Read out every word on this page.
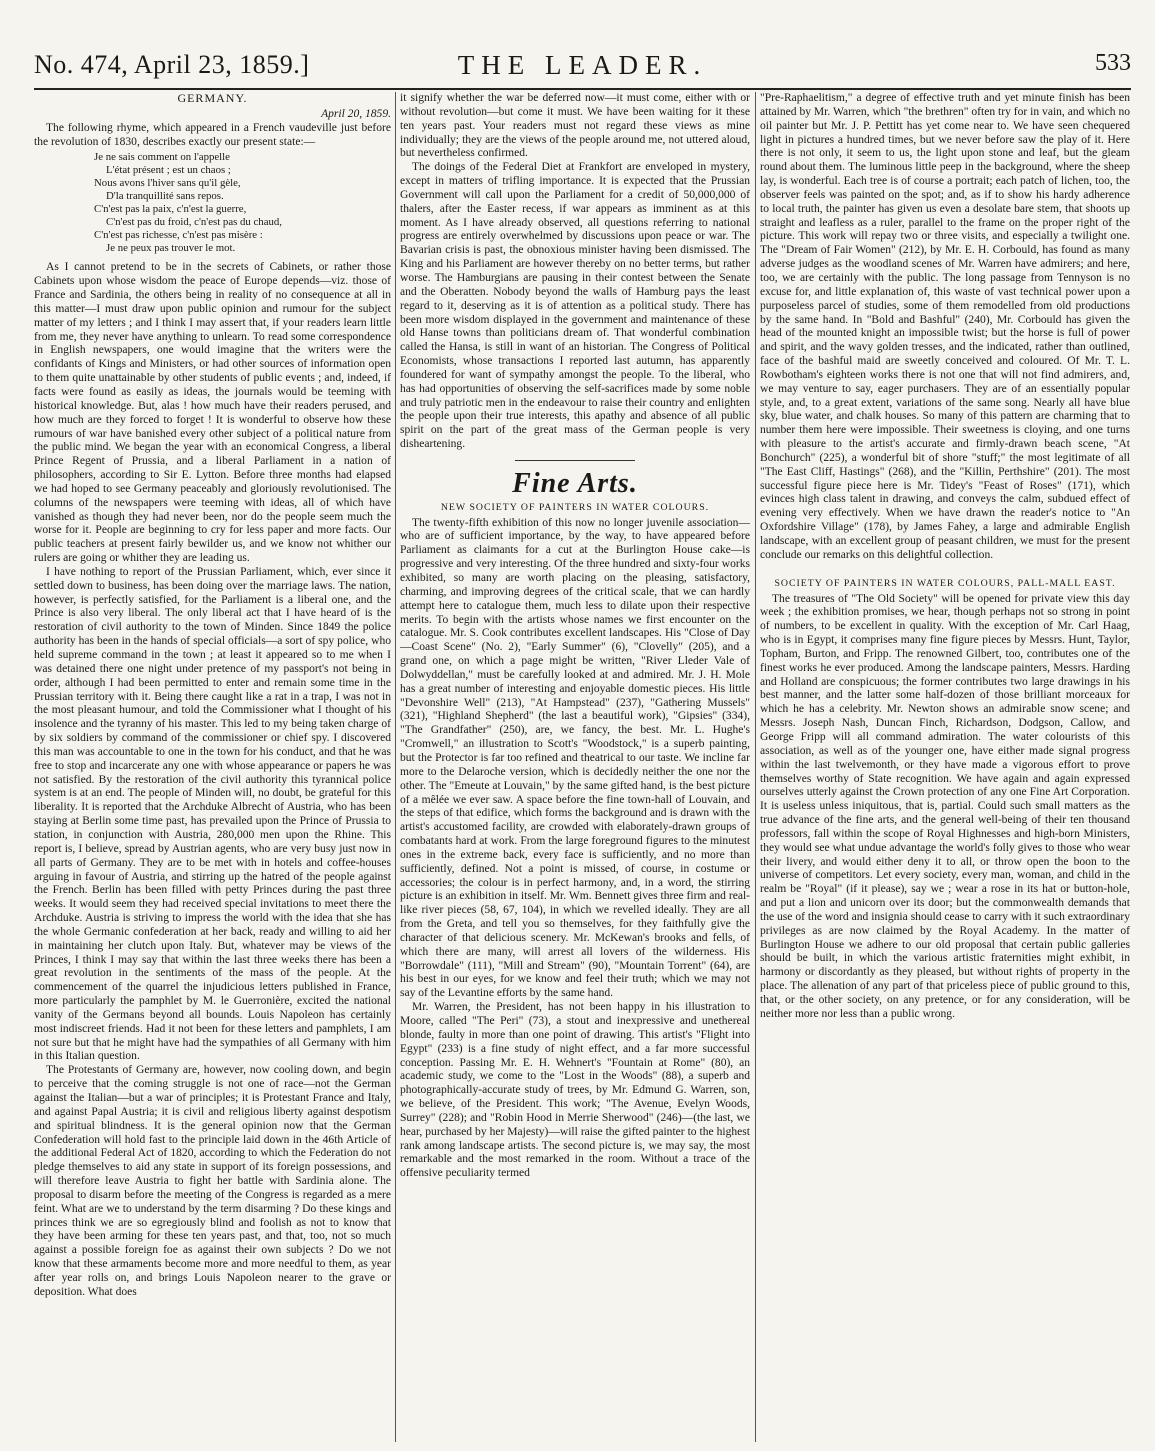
No. 474, April 23, 1859.]	THE LEADER.	533
GERMANY.

April 20, 1859.

The following rhyme, which appeared in a French vaudeville just before the revolution of 1830, describes exactly our present state:—

Je ne sais comment on l'appelle
L'état présent ; est un chaos ;
Nous avons l'hiver sans qu'il gèle,
D'la tranquillité sans repos.
C'n'est pas la paix, c'n'est la guerre,
C'n'est pas du froid, c'n'est pas du chaud,
C'n'est pas richesse, c'n'est pas misère :
Je ne peux pas trouver le mot.

As I cannot pretend to be in the secrets of Cabinets, or rather those Cabinets upon whose wisdom the peace of Europe depends—viz. those of France and Sardinia, the others being in reality of no consequence at all in this matter—I must draw upon public opinion and rumour for the subject matter of my letters ; and I think I may assert that, if your readers learn little from me, they never have anything to unlearn. To read some correspondence in English newspapers, one would imagine that the writers were the confidants of Kings and Ministers, or had other sources of information open to them quite unattainable by other students of public events ; and, indeed, if facts were found as easily as ideas, the journals would be teeming with historical knowledge. But, alas ! how much have their readers perused, and how much are they forced to forget ! It is wonderful to observe how these rumours of war have banished every other subject of a political nature from the public mind. We began the year with an economical Congress, a liberal Prince Regent of Prussia, and a liberal Parliament in a nation of philosophers, according to Sir E. Lytton. Before three months had elapsed we had hoped to see Germany peaceably and gloriously revolutionised. The columns of the newspapers were teeming with ideas, all of which have vanished as though they had never been, nor do the people seem much the worse for it. People are beginning to cry for less paper and more facts. Our public teachers at present fairly bewilder us, and we know not whither our rulers are going or whither they are leading us.

I have nothing to report of the Prussian Parliament, which, ever since it settled down to business, has been doing over the marriage laws. The nation, however, is perfectly satisfied, for the Parliament is a liberal one, and the Prince is also very liberal. The only liberal act that I have heard of is the restoration of civil authority to the town of Minden. Since 1849 the police authority has been in the hands of special officials—a sort of spy police, who held supreme command in the town ; at least it appeared so to me when I was detained there one night under pretence of my passport's not being in order, although I had been permitted to enter and remain some time in the Prussian territory with it. Being there caught like a rat in a trap, I was not in the most pleasant humour, and told the Commissioner what I thought of his insolence and the tyranny of his master. This led to my being taken charge of by six soldiers by command of the commissioner or chief spy. I discovered this man was accountable to one in the town for his conduct, and that he was free to stop and incarcerate any one with whose appearance or papers he was not satisfied. By the restoration of the civil authority this tyrannical police system is at an end. The people of Minden will, no doubt, be grateful for this liberality. It is reported that the Archduke Albrecht of Austria, who has been staying at Berlin some time past, has prevailed upon the Prince of Prussia to station, in conjunction with Austria, 280,000 men upon the Rhine. This report is, I believe, spread by Austrian agents, who are very busy just now in all parts of Germany. They are to be met with in hotels and coffee-houses arguing in favour of Austria, and stirring up the hatred of the people against the French. Berlin has been filled with petty Princes during the past three weeks. It would seem they had received special invitations to meet there the Archduke. Austria is striving to impress the world with the idea that she has the whole Germanic confederation at her back, ready and willing to aid her in maintaining her clutch upon Italy. But, whatever may be views of the Princes, I think I may say that within the last three weeks there has been a great revolution in the sentiments of the mass of the people. At the commencement of the quarrel the injudicious letters published in France, more particularly the pamphlet by M. le Guerronière, excited the national vanity of the Germans beyond all bounds. Louis Napoleon has certainly most indiscreet friends. Had it not been for these letters and pamphlets, I am not sure but that he might have had the sympathies of all Germany with him in this Italian question.

The Protestants of Germany are, however, now cooling down, and begin to perceive that the coming struggle is not one of race—not the German against the Italian—but a war of principles; it is Protestant France and Italy, and against Papal Austria; it is civil and religious liberty against despotism and spiritual blindness. It is the general opinion now that the German Confederation will hold fast to the principle laid down in the 46th Article of the additional Federal Act of 1820, according to which the Federation do not pledge themselves to aid any state in support of its foreign possessions, and will therefore leave Austria to fight her battle with Sardinia alone. The proposal to disarm before the meeting of the Congress is regarded as a mere feint. What are we to understand by the term disarming ? Do these kings and princes think we are so egregiously blind and foolish as not to know that they have been arming for these ten years past, and that, too, not so much against a possible foreign foe as against their own subjects ? Do we not know that these armaments become more and more needful to them, as year after year rolls on, and brings Louis Napoleon nearer to the grave or deposition. What does

it signify whether the war be deferred now—it must come, either with or without revolution—but come it must. We have been waiting for it these ten years past. Your readers must not regard these views as mine individually; they are the views of the people around me, not uttered aloud, but nevertheless confirmed.

The doings of the Federal Diet at Frankfort are enveloped in mystery, except in matters of trifling importance. It is expected that the Prussian Government will call upon the Parliament for a credit of 50,000,000 of thalers, after the Easter recess, if war appears as imminent as at this moment. As I have already observed, all questions referring to national progress are entirely overwhelmed by discussions upon peace or war. The Bavarian crisis is past, the obnoxious minister having been dismissed. The King and his Parliament are however thereby on no better terms, but rather worse. The Hamburgians are pausing in their contest between the Senate and the Oberatten. Nobody beyond the walls of Hamburg pays the least regard to it, deserving as it is of attention as a political study. There has been more wisdom displayed in the government and maintenance of these old Hanse towns than politicians dream of. That wonderful combination called the Hansa, is still in want of an historian. The Congress of Political Economists, whose transactions I reported last autumn, has apparently foundered for want of sympathy amongst the people. To the liberal, who has had opportunities of observing the self-sacrifices made by some noble and truly patriotic men in the endeavour to raise their country and enlighten the people upon their true interests, this apathy and absence of all public spirit on the part of the great mass of the German people is very disheartening.

Fine Arts.
NEW SOCIETY OF PAINTERS IN WATER COLOURS.

The twenty-fifth exhibition of this now no longer juvenile association—who are of sufficient importance, by the way, to have appeared before Parliament as claimants for a cut at the Burlington House cake—is progressive and very interesting. Of the three hundred and sixty-four works exhibited, so many are worth placing on the pleasing, satisfactory, charming, and improving degrees of the critical scale, that we can hardly attempt here to catalogue them, much less to dilate upon their respective merits. To begin with the artists whose names we first encounter on the catalogue. Mr. S. Cook contributes excellent landscapes. His "Close of Day—Coast Scene" (No. 2), "Early Summer" (6), "Clovelly" (205), and a grand one, on which a page might be written, "River Lleder Vale of Dolwyddellan," must be carefully looked at and admired. Mr. J. H. Mole has a great number of interesting and enjoyable domestic pieces. His little "Devonshire Well" (213), "At Hampstead" (237), "Gathering Mussels" (321), "Highland Shepherd" (the last a beautiful work), "Gipsies" (334), "The Grandfather" (250), are, we fancy, the best. Mr. L. Hughe's "Cromwell," an illustration to Scott's "Woodstock," is a superb painting, but the Protector is far too refined and theatrical to our taste. We incline far more to the Delaroche version, which is decidedly neither the one nor the other. The "Emeute at Louvain," by the same gifted hand, is the best picture of a mêlée we ever saw. A space before the fine town-hall of Louvain, and the steps of that edifice, which forms the background and is drawn with the artist's accustomed facility, are crowded with elaborately-drawn groups of combatants hard at work. From the large foreground figures to the minutest ones in the extreme back, every face is sufficiently, and no more than sufficiently, defined. Not a point is missed, of course, in costume or accessories; the colour is in perfect harmony, and, in a word, the stirring picture is an exhibition in itself. Mr. Wm. Bennett gives three firm and real-like river pieces (58, 67, 104), in which we revelled ideally. They are all from the Greta, and tell you so themselves, for they faithfully give the character of that delicious scenery. Mr. McKewan's brooks and fells, of which there are many, will arrest all lovers of the wilderness. His "Borrowdale" (111), "Mill and Stream" (90), "Mountain Torrent" (64), are his best in our eyes, for we know and feel their truth; which we may not say of the Levantine efforts by the same hand.

Mr. Warren, the President, has not been happy in his illustration to Moore, called "The Peri" (73), a stout and inexpressive and unethereal blonde, faulty in more than one point of drawing. This artist's "Flight into Egypt" (233) is a fine study of night effect, and a far more successful conception. Passing Mr. E. H. Wehnert's "Fountain at Rome" (80), an academic study, we come to the "Lost in the Woods" (88), a superb and photographically-accurate study of trees, by Mr. Edmund G. Warren, son, we believe, of the President. This work; "The Avenue, Evelyn Woods, Surrey" (228); and "Robin Hood in Merrie Sherwood" (246)—(the last, we hear, purchased by her Majesty)—will raise the gifted painter to the highest rank among landscape artists. The second picture is, we may say, the most remarkable and the most remarked in the room. Without a trace of the offensive peculiarity termed

"Pre-Raphaelitism," a degree of effective truth and yet minute finish has been attained by Mr. Warren, which "the brethren" often try for in vain, and which no oil painter but Mr. J. P. Pettitt has yet come near to. We have seen chequered light in pictures a hundred times, but we never before saw the play of it. Here there is not only, it seem to us, the light upon stone and leaf, but the gleam round about them. The luminous little peep in the background, where the sheep lay, is wonderful. Each tree is of course a portrait; each patch of lichen, too, the observer feels was painted on the spot; and, as if to show his hardy adherence to local truth, the painter has given us even a desolate bare stem, that shoots up straight and leafless as a ruler, parallel to the frame on the proper right of the picture. This work will repay two or three visits, and especially a twilight one. The "Dream of Fair Women" (212), by Mr. E. H. Corbould, has found as many adverse judges as the woodland scenes of Mr. Warren have admirers; and here, too, we are certainly with the public. The long passage from Tennyson is no excuse for, and little explanation of, this waste of vast technical power upon a purposeless parcel of studies, some of them remodelled from old productions by the same hand. In "Bold and Bashful" (240), Mr. Corbould has given the head of the mounted knight an impossible twist; but the horse is full of power and spirit, and the wavy golden tresses, and the indicated, rather than outlined, face of the bashful maid are sweetly conceived and coloured. Of Mr. T. L. Rowbotham's eighteen works there is not one that will not find admirers, and, we may venture to say, eager purchasers. They are of an essentially popular style, and, to a great extent, variations of the same song. Nearly all have blue sky, blue water, and chalk houses. So many of this pattern are charming that to number them here were impossible. Their sweetness is cloying, and one turns with pleasure to the artist's accurate and firmly-drawn beach scene, "At Bonchurch" (225), a wonderful bit of shore "stuff;" the most legitimate of all "The East Cliff, Hastings" (268), and the "Killin, Perthshire" (201). The most successful figure piece here is Mr. Tidey's "Feast of Roses" (171), which evinces high class talent in drawing, and conveys the calm, subdued effect of evening very effectively. When we have drawn the reader's notice to "An Oxfordshire Village" (178), by James Fahey, a large and admirable English landscape, with an excellent group of peasant children, we must for the present conclude our remarks on this delightful collection.

SOCIETY OF PAINTERS IN WATER COLOURS, PALL-MALL EAST.

The treasures of "The Old Society" will be opened for private view this day week ; the exhibition promises, we hear, though perhaps not so strong in point of numbers, to be excellent in quality. With the exception of Mr. Carl Haag, who is in Egypt, it comprises many fine figure pieces by Messrs. Hunt, Taylor, Topham, Burton, and Fripp. The renowned Gilbert, too, contributes one of the finest works he ever produced. Among the landscape painters, Messrs. Harding and Holland are conspicuous; the former contributes two large drawings in his best manner, and the latter some half-dozen of those brilliant morceaux for which he has a celebrity. Mr. Newton shows an admirable snow scene; and Messrs. Joseph Nash, Duncan Finch, Richardson, Dodgson, Callow, and George Fripp will all command admiration. The water colourists of this association, as well as of the younger one, have either made signal progress within the last twelvemonth, or they have made a vigorous effort to prove themselves worthy of State recognition. We have again and again expressed ourselves utterly against the Crown protection of any one Fine Art Corporation. It is useless unless iniquitous, that is, partial. Could such small matters as the true advance of the fine arts, and the general well-being of their ten thousand professors, fall within the scope of Royal Highnesses and high-born Ministers, they would see what undue advantage the world's folly gives to those who wear their livery, and would either deny it to all, or throw open the boon to the universe of competitors. Let every society, every man, woman, and child in the realm be "Royal" (if it please), say we ; wear a rose in its hat or button-hole, and put a lion and unicorn over its door; but the commonwealth demands that the use of the word and insignia should cease to carry with it such extraordinary privileges as are now claimed by the Royal Academy. In the matter of Burlington House we adhere to our old proposal that certain public galleries should be built, in which the various artistic fraternities might exhibit, in harmony or discordantly as they pleased, but without rights of property in the place. The allenation of any part of that priceless piece of public ground to this, that, or the other society, on any pretence, or for any consideration, will be neither more nor less than a public wrong.
